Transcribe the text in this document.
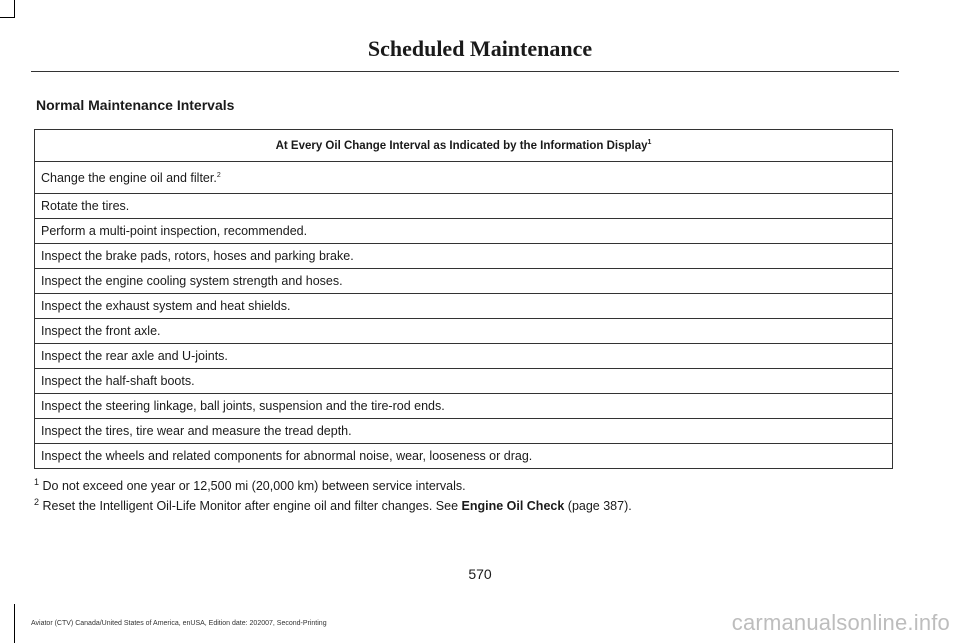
Scheduled Maintenance
Normal Maintenance Intervals
At Every Oil Change Interval as Indicated by the Information Display$^1$
Change the engine oil and filter.$^2$
Rotate the tires.
Perform a multi-point inspection, recommended.
Inspect the brake pads, rotors, hoses and parking brake.
Inspect the engine cooling system strength and hoses.
Inspect the exhaust system and heat shields.
Inspect the front axle.
Inspect the rear axle and U-joints.
Inspect the half-shaft boots.
Inspect the steering linkage, ball joints, suspension and the tire-rod ends.
Inspect the tires, tire wear and measure the tread depth.
Inspect the wheels and related components for abnormal noise, wear, looseness or drag.
$^1$ Do not exceed one year or 12,500 mi (20,000 km) between service intervals.
$^2$ Reset the Intelligent Oil-Life Monitor after engine oil and filter changes. See Engine Oil Check (page 387).
570
Aviator (CTV) Canada/United States of America, enUSA, Edition date: 202007, Second-Printing	carmanualsonline.info
